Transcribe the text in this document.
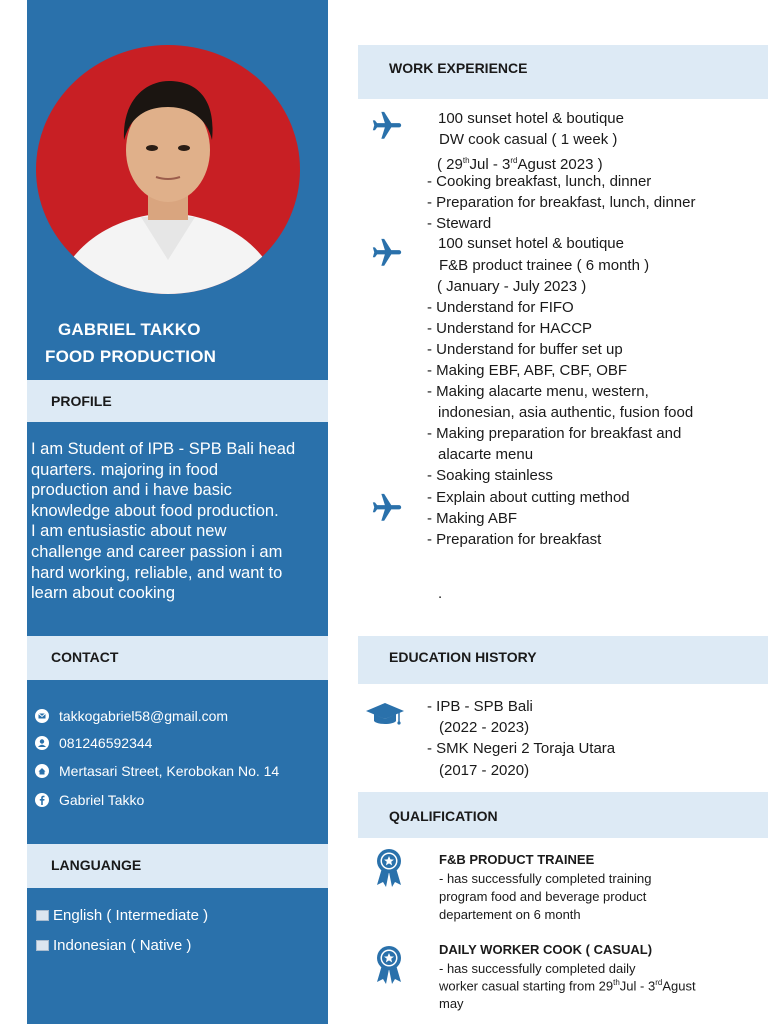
GABRIEL TAKKO
FOOD PRODUCTION
PROFILE
I am Student of IPB - SPB Bali head
quarters. majoring in food
production and i have basic
knowledge about food production.
I am entusiastic about new
challenge and career passion i am
hard working, reliable, and want to
learn about cooking
CONTACT
takkogabriel58@gmail.com
081246592344
Mertasari Street, Kerobokan No. 14
Gabriel Takko
LANGUANGE
English ( Intermediate )
Indonesian ( Native )
WORK EXPERIENCE
100 sunset hotel & boutique
DW cook casual ( 1 week )
( 29thJul - 3rdAgust 2023 )
- Cooking breakfast, lunch, dinner
- Preparation for breakfast, lunch, dinner
- Steward
100 sunset hotel & boutique
F&B product trainee ( 6 month )
( January - July 2023 )
- Understand for FIFO
- Understand for HACCP
- Understand for buffer set up
- Making EBF, ABF, CBF, OBF
- Making alacarte menu, western,
indonesian, asia authentic, fusion food
- Making preparation for breakfast and
alacarte menu
- Soaking stainless
- Explain about cutting method
- Making ABF
- Preparation for breakfast
.
EDUCATION HISTORY
- IPB - SPB Bali
(2022 - 2023)
- SMK Negeri 2 Toraja Utara
(2017 - 2020)
QUALIFICATION
F&B PRODUCT TRAINEE
- has successfully completed training
program food and beverage product
departement on 6 month
DAILY WORKER COOK ( CASUAL)
- has successfully completed daily
worker casual starting from 29thJul - 3rdAgust
may
